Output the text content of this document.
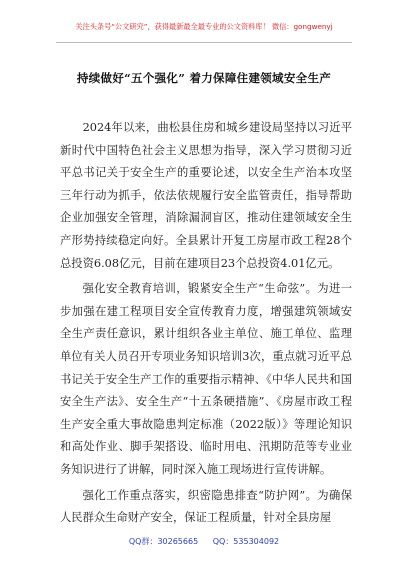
关注头条号“公文研究”，获得最新最全最专业的公文资料库！ 微信：gongwenyj
持续做好“五个强化” 着力保障住建领域安全生产

2024年以来，曲松县住房和城乡建设局坚持以习近平新时代中国特色社会主义思想为指导，深入学习贯彻习近平总书记关于安全生产的重要论述，以安全生产治本攻坚三年行动为抓手，依法依规履行安全监管责任，指导帮助企业加强安全管理，消除漏洞盲区，推动住建领域安全生产形势持续稳定向好。全县累计开复工房屋市政工程28个总投资6.08亿元，目前在建项目23个总投资4.01亿元。

强化安全教育培训，锻紧安全生产“生命弦”。为进一步加强在建工程项目安全宣传教育力度，增强建筑领域安全生产责任意识，累计组织各业主单位、施工单位、监理单位有关人员召开专项业务知识培训3次，重点就习近平总书记关于安全生产工作的重要指示精神、《中华人民共和国安全生产法》、安全生产“十五条硬措施”、《房屋市政工程生产安全重大事故隐患判定标准（2022版）》等理论知识和高处作业、脚手架搭设、临时用电、汛期防范等专业业务知识进行了讲解，同时深入施工现场进行宣传讲解。

强化工作重点落实，织密隐患排查“防护网”。为确保人民群众生命财产安全，保证工程质量，针对全县房屋

QQ群：30265665 QQ：535304092
